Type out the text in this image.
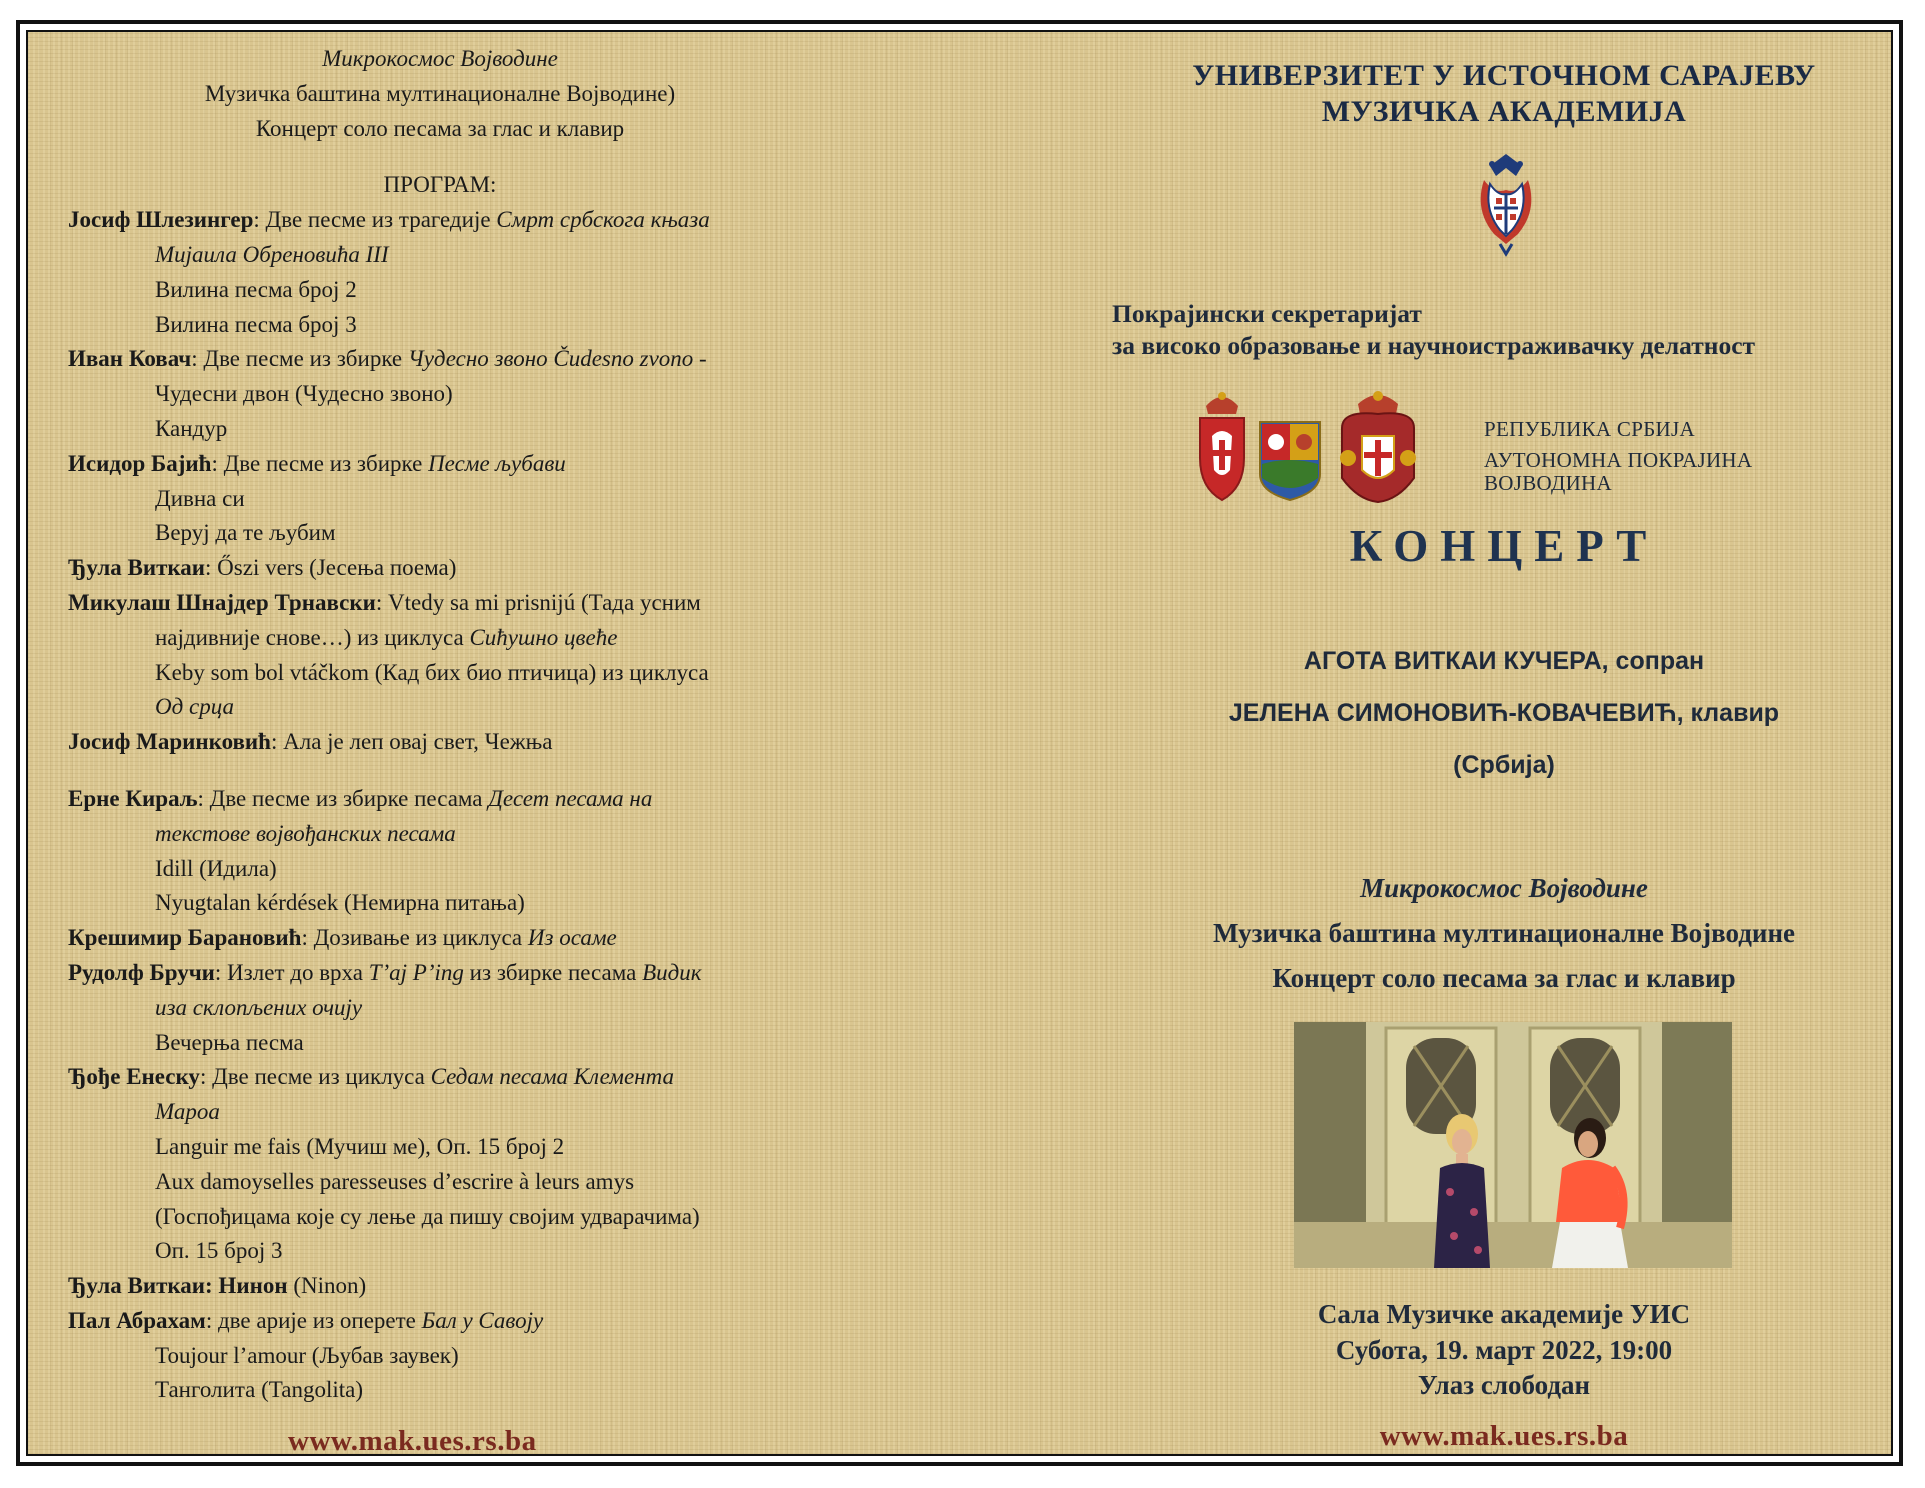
Микрокосмос Војводине
Музичка баштина мултинационалне Војводине)
Концерт соло песама за глас и клавир
ПРОГРАМ:
Јосиф Шлезингер: Две песме из трагедије Смрт србскога књаза
Мијаила Обреновића III
Вилина песма број 2
Вилина песма број 3
Иван Ковач: Две песме из збирке Чудесно звоно Čudesno zvono -
Чудесни двон (Чудесно звоно)
Кандур
Исидор Бајић: Две песме из збирке Песме љубави
Дивна си
Веруј да те љубим
Ђула Виткаи: Őszi vers (Јесења поема)
Микулаш Шнајдер Трнавски: Vtedy sa mi prisnijú (Тада усним
најдивније снове…) из циклуса Сићушно цвеће
Keby som bol vtáčkom (Кад бих био птичица) из циклуса
Од срца
Јосиф Маринковић: Ала је леп овај свет, Чежња
Ерне Кираљ: Две песме из збирке песама Десет песама на
текстове војвођанских песама
Idill (Идила)
Nyugtalan kérdések (Немирна питања)
Крешимир Барановић: Дозивање из циклуса Из осаме
Рудолф Бручи: Излет до врха T’aj P’ing из збирке песама Видик
иза склопљених очију
Вечерња песма
Ђође Енеску: Две песме из циклуса Седам песама Клемента
Мароа
Languir me fais (Мучиш ме), Оп. 15 број 2
Aux damoyselles paresseuses d’escrire à leurs amys
(Госпођицама које су лење да пишу својим удварачима)
Оп. 15 број 3
Ђула Виткаи: Нинон (Ninon)
Пал Абрахам: две арије из оперете Бал у Савоју
Toujour l’amour (Љубав заувек)
Танголита (Tangolita)
www.mak.ues.rs.ba
УНИВЕРЗИТЕТ У ИСТОЧНОМ САРАЈЕВУ
МУЗИЧКА АКАДЕМИЈА
Покрајински секретаријат
за високо образовање и научноистраживачку делатност
РЕПУБЛИКА СРБИЈА
АУТОНОМНА ПОКРАЈИНА
ВОЈВОДИНА
КОНЦЕРТ
АГОТА ВИТКАИ КУЧЕРА, сопран
ЈЕЛЕНА СИМОНОВИЋ-КОВАЧЕВИЋ, клавир
(Србија)
Микрокосмос Војводине
Музичка баштина мултинационалне Војводине
Концерт соло песама за глас и клавир
Сала Музичке академије УИС
Субота, 19. март 2022, 19:00
Улаз слободан
www.mak.ues.rs.ba
